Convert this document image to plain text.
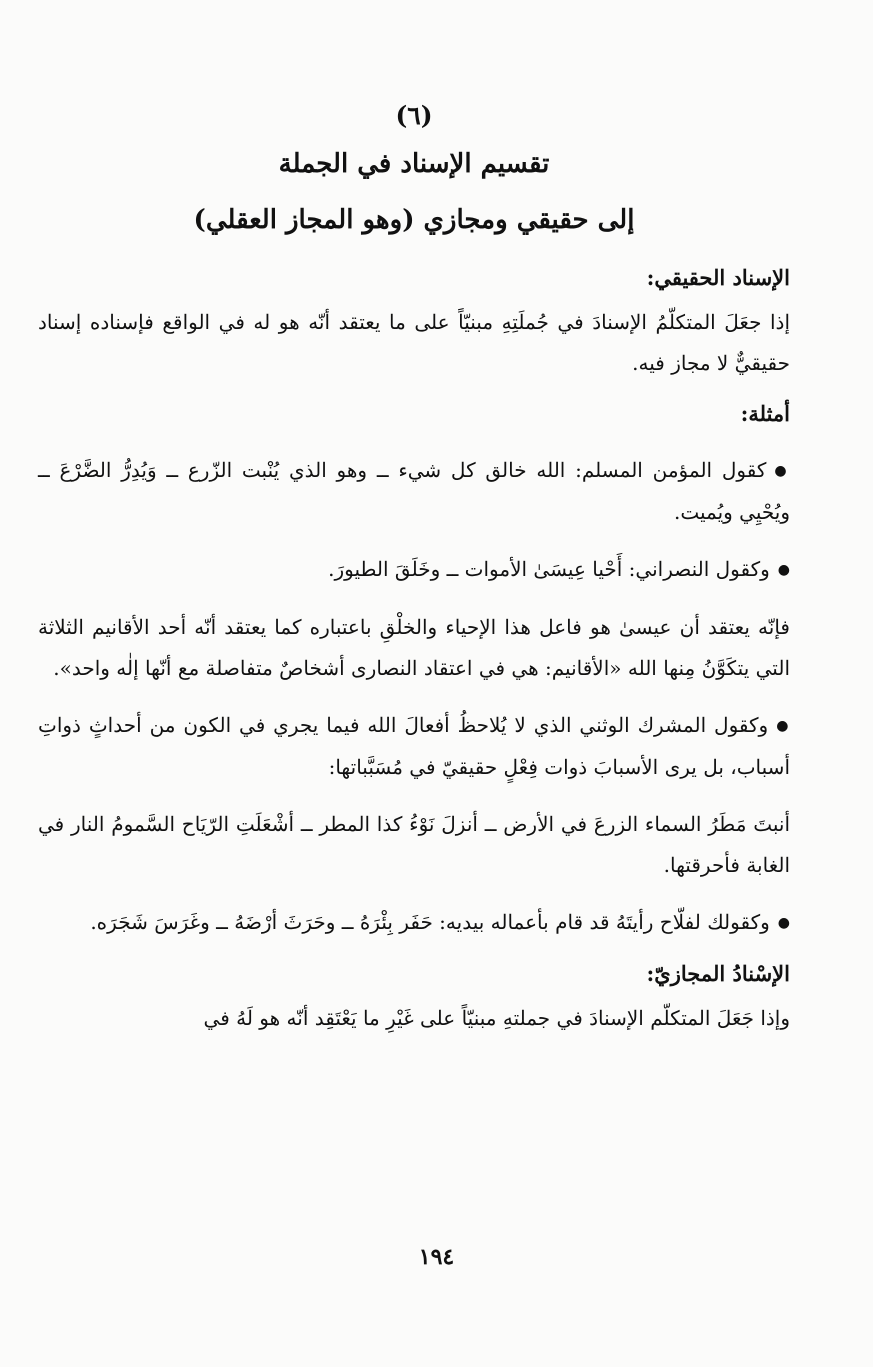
(٦)
تقسيم الإسناد في الجملة
إلى حقيقي ومجازي (وهو المجاز العقلي)
الإسناد الحقيقي:
إذا جعَلَ المتكلّمُ الإسنادَ في جُملَتِهِ مبنيّاً على ما يعتقد أنّه هو له في الواقع فإسناده إسناد حقيقيٌّ لا مجاز فيه.
أمثلة:
● كقول المؤمن المسلم: الله خالق كل شيء ــ وهو الذي يُنْبت الزّرع ــ وَيُدِرُّ الضَّرْعَ ــ ويُحْيِي ويُميت.
● وكقول النصراني: أَحْيا عِيسَىٰ الأموات ــ وخَلَقَ الطيورَ.
فإنّه يعتقد أن عيسىٰ هو فاعل هذا الإحياء والخلْقِ باعتباره كما يعتقد أنّه أحد الأقانيم الثلاثة التي يتكَوَّنُ مِنها الله «الأقانيم: هي في اعتقاد النصارى أشخاصٌ متفاصلة مع أنّها إلٰه واحد».
● وكقول المشرك الوثني الذي لا يُلاحظُ أفعالَ الله فيما يجري في الكون من أحداثٍ ذواتِ أسباب، بل يرى الأسبابَ ذوات فِعْلٍ حقيقيّ في مُسَبَّباتها:
أنبتَ مَطَرُ السماء الزرعَ في الأرض ــ أنزلَ نَوْءُ كذا المطر ــ أشْعَلَتِ الرّيَاح السَّمومُ النار في الغابة فأحرقتها.
● وكقولك لفلّاح رأيتَهُ قد قام بأعماله بيديه: حَفَر بِئْرَهُ ــ وحَرَثَ أرْضَهُ ــ وغَرَسَ شَجَرَه.
الإسْنادُ المجازيّ:
وإذا جَعَلَ المتكلّم الإسنادَ في جملتهِ مبنيّاً على غَيْرِ ما يَعْتَقِد أنّه هو لَهُ في
١٩٤
